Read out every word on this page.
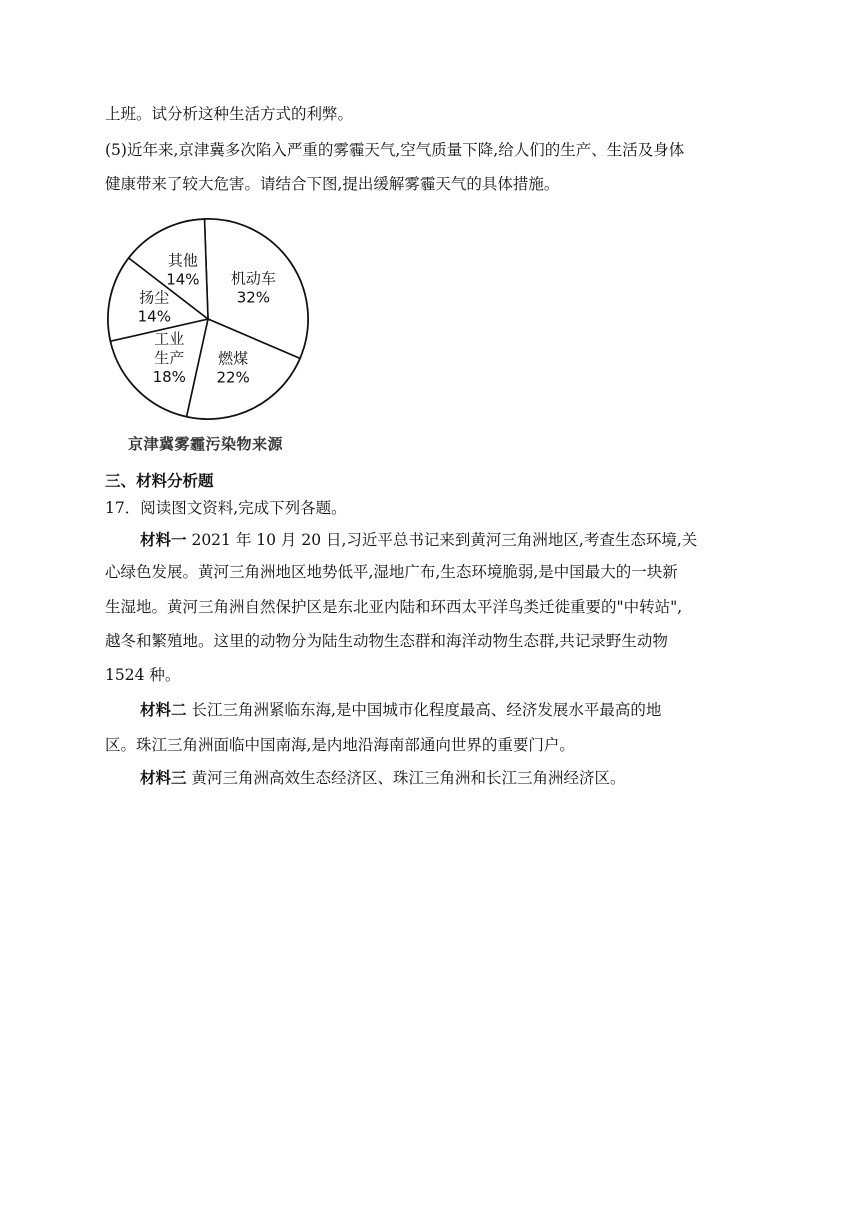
上班。试分析这种生活方式的利弊。
(5)近年来,京津冀多次陷入严重的雾霾天气,空气质量下降,给人们的生产、生活及身体
健康带来了较大危害。请结合下图,提出缓解雾霾天气的具体措施。
机动车
32%
燃煤
22%
工业
生产
18%
扬尘
14%
其他
14%
京津冀雾霾污染物来源
三、材料分析题
17．阅读图文资料,完成下列各题。
材料一 2021 年 10 月 20 日,习近平总书记来到黄河三角洲地区,考查生态环境,关
心绿色发展。黄河三角洲地区地势低平,湿地广布,生态环境脆弱,是中国最大的一块新
生湿地。黄河三角洲自然保护区是东北亚内陆和环西太平洋鸟类迁徙重要的"中转站",
越冬和繁殖地。这里的动物分为陆生动物生态群和海洋动物生态群,共记录野生动物
1524 种。
材料二 长江三角洲紧临东海,是中国城市化程度最高、经济发展水平最高的地
区。珠江三角洲面临中国南海,是内地沿海南部通向世界的重要门户。
材料三 黄河三角洲高效生态经济区、珠江三角洲和长江三角洲经济区。
